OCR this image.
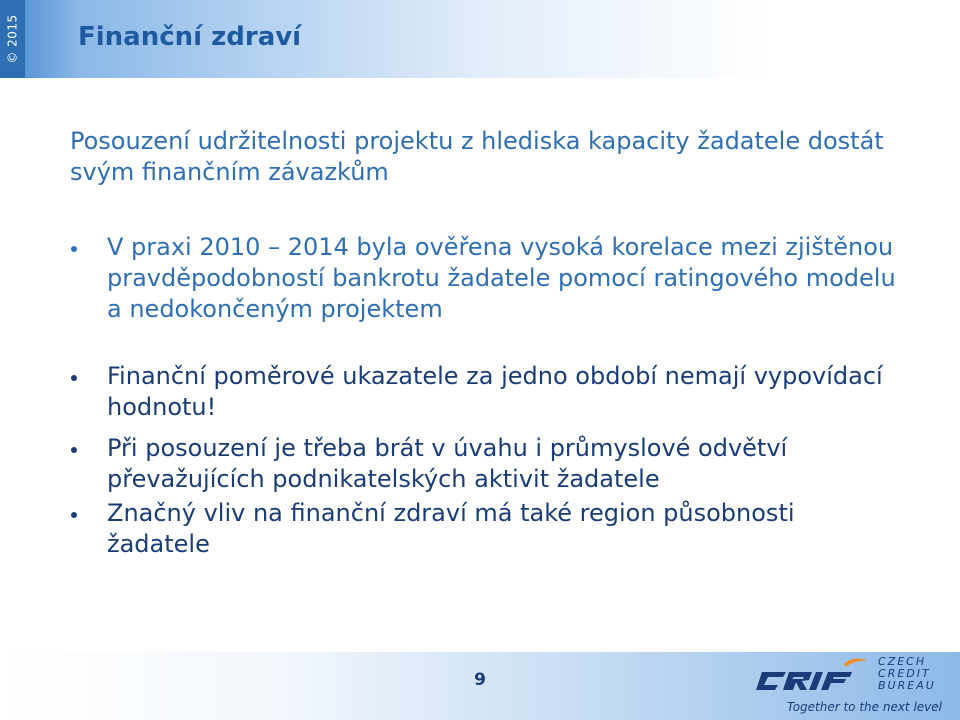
© 2015 Finanční zdraví

Posouzení udržitelnosti projektu z hlediska kapacity žadatele dostát svým finančním závazkům

V praxi 2010 – 2014 byla ověřena vysoká korelace mezi zjištěnou pravděpodobností bankrotu žadatele pomocí ratingového modelu a nedokončeným projektem
Finanční poměrové ukazatele za jedno období nemají vypovídací hodnotu!
Při posouzení je třeba brát v úvahu i průmyslové odvětví převažujících podnikatelských aktivit žadatele
Značný vliv na finanční zdraví má také region působnosti žadatele
9
CZECH
CREDIT
BUREAU
Together to the next level
